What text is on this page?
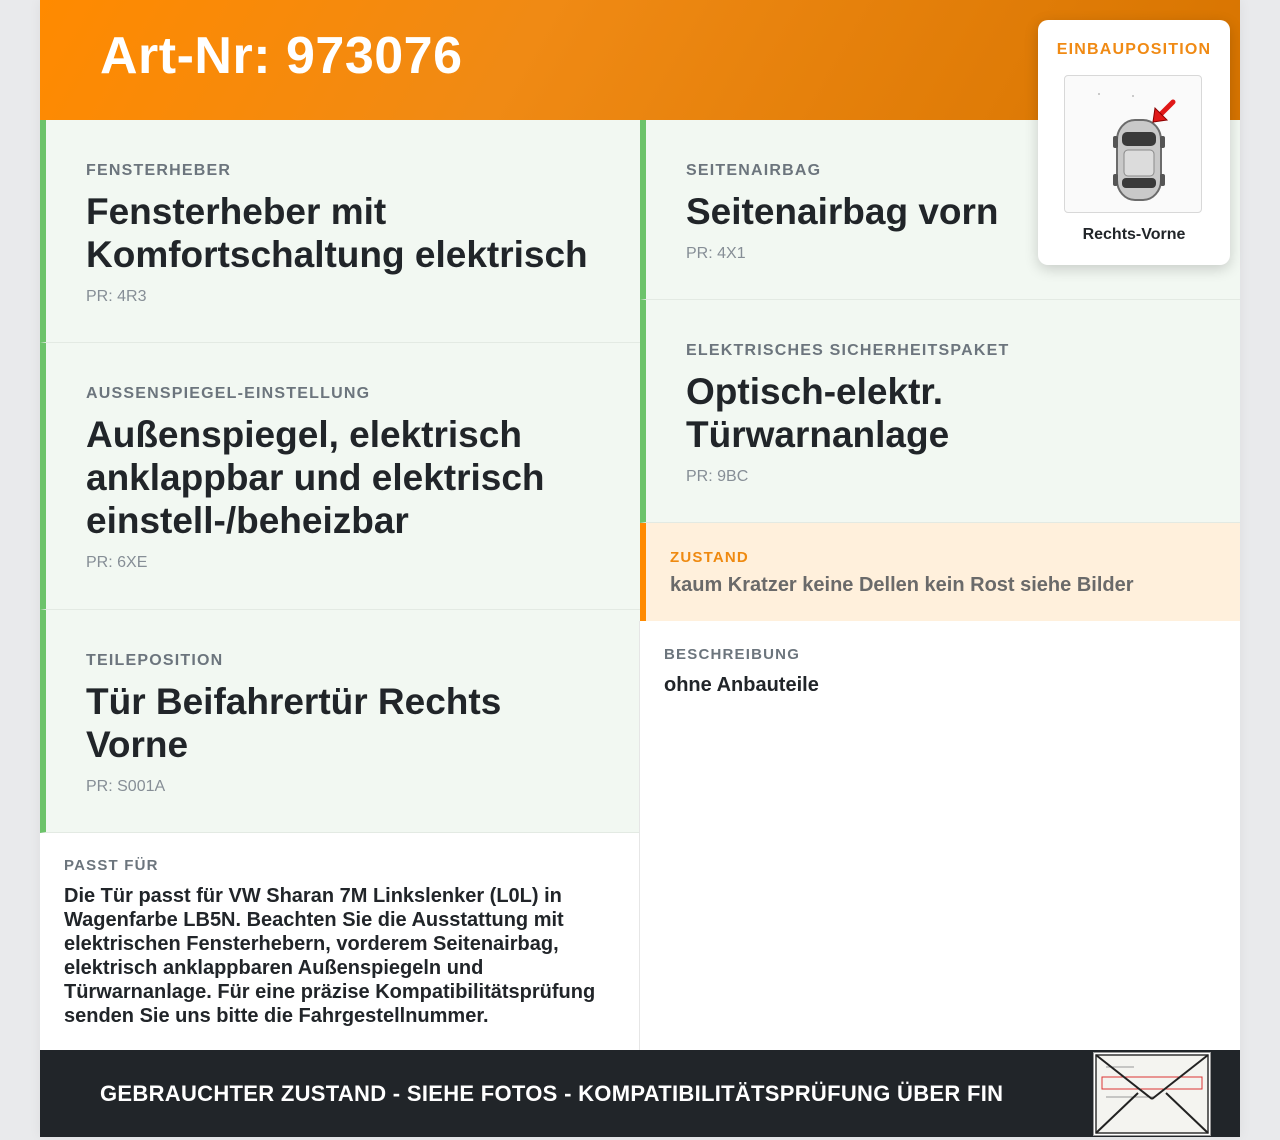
Art-Nr: 973076
FENSTERHEBER
Fensterheber mit Komfortschaltung elektrisch
PR: 4R3
AUSSENSPIEGEL-EINSTELLUNG
Außenspiegel, elektrisch anklappbar und elektrisch einstell-/beheizbar
PR: 6XE
TEILEPOSITION
Tür Beifahrertür Rechts Vorne
PR: S001A
PASST FÜR
Die Tür passt für VW Sharan 7M Linkslenker (L0L) in Wagenfarbe LB5N. Beachten Sie die Ausstattung mit elektrischen Fensterhebern, vorderem Seitenairbag, elektrisch anklappbaren Außenspiegeln und Türwarnanlage. Für eine präzise Kompatibilitätsprüfung senden Sie uns bitte die Fahrgestellnummer.
SEITENAIRBAG
Seitenairbag vorn
PR: 4X1
ELEKTRISCHES SICHERHEITSPAKET
Optisch-elektr. Türwarnanlage
PR: 9BC
ZUSTAND
kaum Kratzer keine Dellen kein Rost siehe Bilder
BESCHREIBUNG
ohne Anbauteile
EINBAUPOSITION
Rechts-Vorne
GEBRAUCHTER ZUSTAND - SIEHE FOTOS - KOMPATIBILITÄTSPRÜFUNG ÜBER FIN
